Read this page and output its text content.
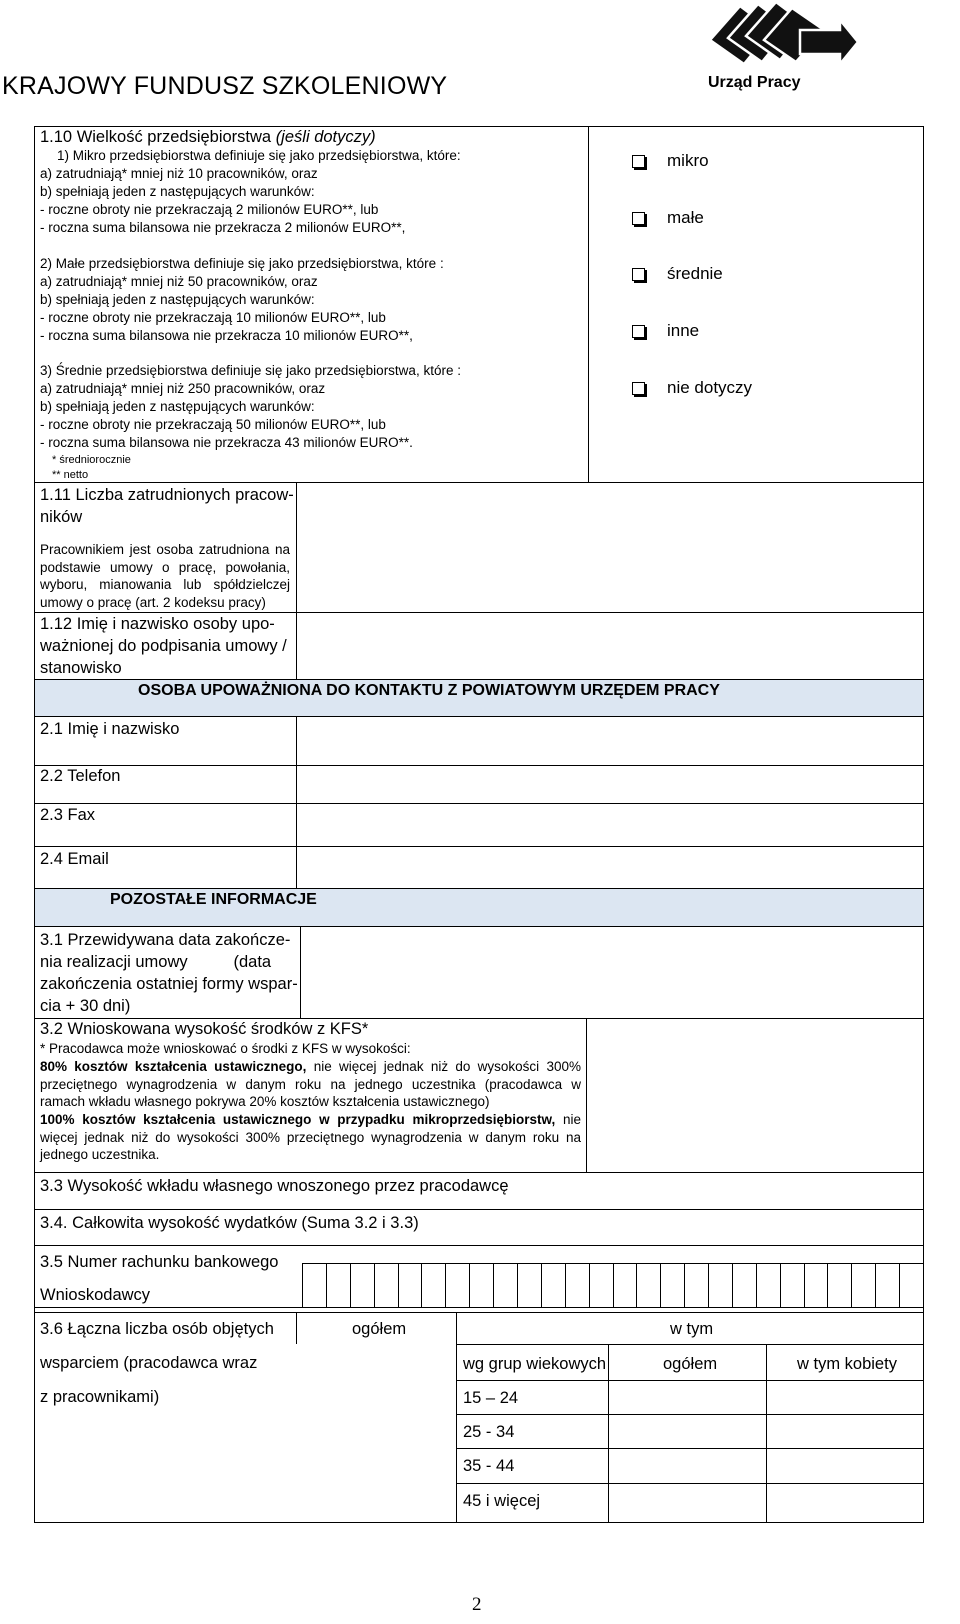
KRAJOWY FUNDUSZ SZKOLENIOWY	Urząd Pracy
1.10 Wielkość przedsiębiorstwa (jeśli dotyczy)
1) Mikro przedsiębiorstwa definiuje się jako przedsiębiorstwa, które:
a) zatrudniają* mniej niż 10 pracowników, oraz
b) spełniają jeden z następujących warunków:
- roczne obroty nie przekraczają 2 milionów EURO**, lub
- roczna suma bilansowa nie przekracza 2 milionów EURO**,
2) Małe przedsiębiorstwa definiuje się jako przedsiębiorstwa, które :
a) zatrudniają* mniej niż 50 pracowników, oraz
b) spełniają jeden z następujących warunków:
- roczne obroty nie przekraczają 10 milionów EURO**, lub
- roczna suma bilansowa nie przekracza 10 milionów EURO**,
3) Średnie przedsiębiorstwa definiuje się jako przedsiębiorstwa, które :
a) zatrudniają* mniej niż 250 pracowników, oraz
b) spełniają jeden z następujących warunków:
- roczne obroty nie przekraczają 50 milionów EURO**, lub
- roczna suma bilansowa nie przekracza 43 milionów EURO**.
* średniorocznie
** netto
mikro
małe
średnie
inne
nie dotyczy
1.11 Liczba zatrudnionych pracow-
ników
Pracownikiem jest osoba zatrudniona na podstawie umowy o pracę, powołania, wyboru, mianowania lub spółdzielczej umowy o pracę (art. 2 kodeksu pracy)
1.12 Imię i nazwisko osoby upo-
ważnionej do podpisania umowy /
stanowisko
OSOBA UPOWAŻNIONA DO KONTAKTU Z POWIATOWYM URZĘDEM PRACY
2.1 Imię i nazwisko
2.2 Telefon
2.3 Fax
2.4 Email
POZOSTAŁE INFORMACJE
3.1 Przewidywana data zakończe-
nia realizacji umowy          (data
zakończenia ostatniej formy wspar-
cia + 30 dni)
3.2 Wnioskowana wysokość środków z KFS*
* Pracodawca może wnioskować o środki z KFS w wysokości:
80% kosztów kształcenia ustawicznego, nie więcej jednak niż do wysokości 300% przeciętnego wynagrodzenia w danym roku na jednego uczestnika (pracodawca w ramach wkładu własnego pokrywa 20% kosztów kształcenia ustawicznego)
100% kosztów kształcenia ustawicznego w przypadku mikroprzedsiębiorstw, nie więcej jednak niż do wysokości 300% przeciętnego wynagrodzenia w danym roku na jednego uczestnika.
3.3 Wysokość wkładu własnego wnoszonego przez pracodawcę
3.4. Całkowita wysokość wydatków (Suma 3.2 i 3.3)
3.5 Numer rachunku bankowego
Wnioskodawcy
3.6 Łączna liczba osób objętych
wsparciem (pracodawca wraz
z pracownikami)
ogółem	w tym
wg grup wiekowych	ogółem	w tym kobiety
15 – 24
25 - 34
35 - 44
45 i więcej
2
